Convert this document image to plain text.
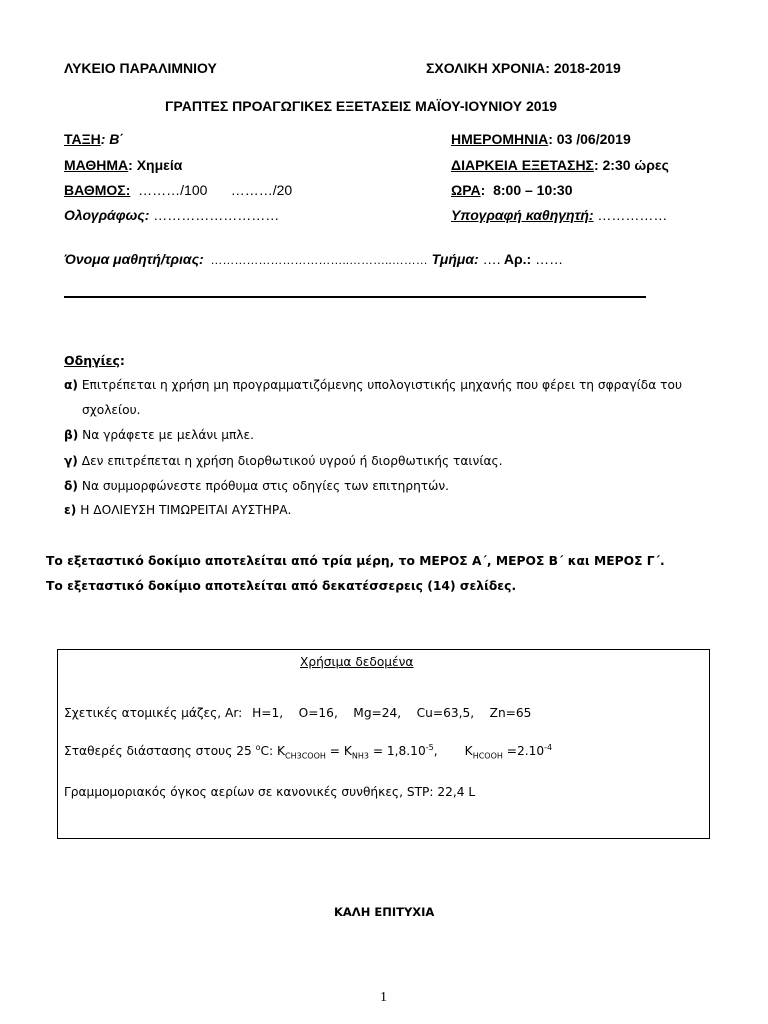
ΛΥΚΕΙΟ ΠΑΡΑΛΙΜΝΙΟΥ	ΣΧΟΛΙΚΗ ΧΡΟΝΙΑ: 2018-2019
ΓΡΑΠΤΕΣ ΠΡΟΑΓΩΓΙΚΕΣ ΕΞΕΤΑΣΕΙΣ ΜΑΪΟΥ-ΙΟΥΝΙΟΥ 2019
ΤΑΞΗ: Β΄	ΗΜΕΡΟΜΗΝΙΑ: 03 /06/2019
ΜΑΘΗΜΑ: Χημεία	ΔΙΑΡΚΕΙΑ ΕΞΕΤΑΣΗΣ: 2:30 ώρες
ΒΑΘΜΟΣ:  ………/100      ………/20	ΩΡΑ:  8:00 – 10:30
Ολογράφως: ………………………	Υπογραφή καθηγητή: ……………
Όνομα μαθητή/τριας:  ……………………………..………..……… Τμήμα: …. Αρ.: ……
Οδηγίες:
α) Επιτρέπεται η χρήση μη προγραμματιζόμενης υπολογιστικής μηχανής που φέρει τη σφραγίδα του
σχολείου.
β) Να γράφετε με μελάνι μπλε.
γ) Δεν επιτρέπεται η χρήση διορθωτικού υγρού ή διορθωτικής ταινίας.
δ) Να συμμορφώνεστε πρόθυμα στις οδηγίες των επιτηρητών.
ε) Η ΔΟΛΙΕΥΣΗ ΤΙΜΩΡΕΙΤΑΙ ΑΥΣΤΗΡΑ.
Το εξεταστικό δοκίμιο αποτελείται από τρία μέρη, το ΜΕΡΟΣ Α΄, ΜΕΡΟΣ Β΄ και ΜΕΡΟΣ Γ΄.
Το εξεταστικό δοκίμιο αποτελείται από δεκατέσσερεις (14) σελίδες.
Χρήσιμα δεδομένα
Σχετικές ατομικές μάζες, Ar: H=1,    O=16,    Mg=24,    Cu=63,5,    Zn=65
Σταθερές διάστασης στους 25 $^o$C: $K_{CH3COOH} = K_{NH3} = 1,8.10^{-5}$,       $K_{HCOOH} =2.10^{-4}$
Γραμμομοριακός όγκος αερίων σε κανονικές συνθήκες, STP: 22,4 L
ΚΑΛΗ ΕΠΙΤΥΧΙΑ
1
